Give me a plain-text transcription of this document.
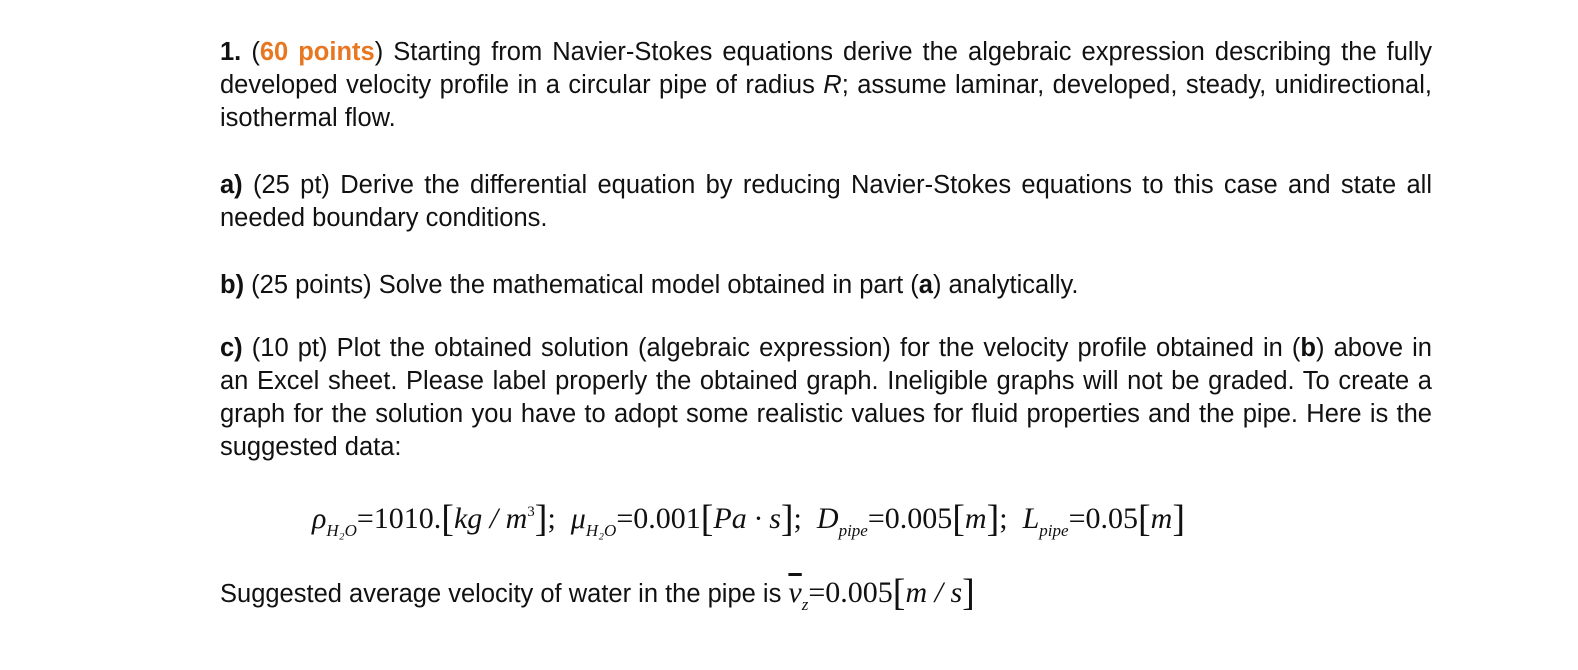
1. (60 points) Starting from Navier-Stokes equations derive the algebraic expression describing the fully developed velocity profile in a circular pipe of radius R; assume laminar, developed, steady, unidirectional, isothermal flow.

a) (25 pt) Derive the differential equation by reducing Navier-Stokes equations to this case and state all needed boundary conditions.

b) (25 points) Solve the mathematical model obtained in part (a) analytically.

c) (10 pt) Plot the obtained solution (algebraic expression) for the velocity profile obtained in (b) above in an Excel sheet. Please label properly the obtained graph. Ineligible graphs will not be graded. To create a graph for the solution you have to adopt some realistic values for fluid properties and the pipe. Here is the suggested data:

$\rho_{H_2O}=1010.[kg / m^3]$; $\mu_{H_2O}=0.001[Pa \cdot s]$; $D_{pipe}=0.005[m]$; $L_{pipe}=0.05[m]$
Suggested average velocity of water in the pipe is $\overline{v}_z=0.005[m / s]$
